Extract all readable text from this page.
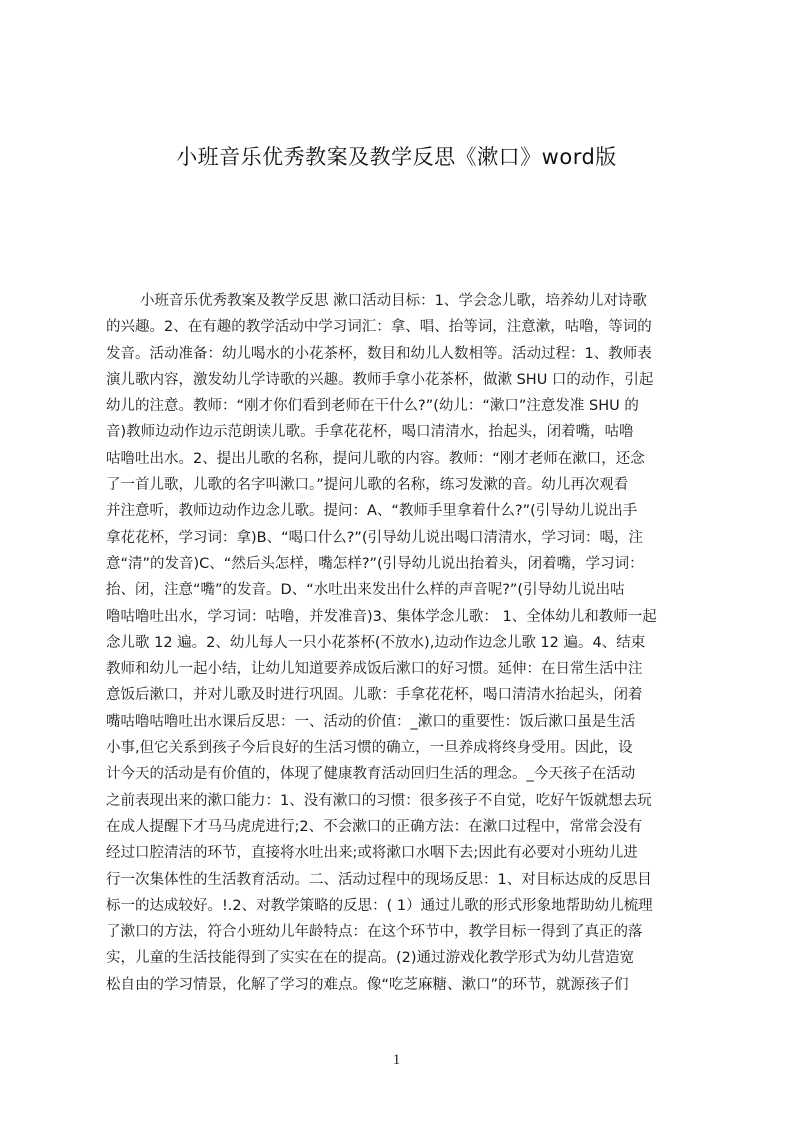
小班音乐优秀教案及教学反思《漱口》word版
小班音乐优秀教案及教学反思 漱口活动目标：1、学会念儿歌，培养幼儿对诗歌
的兴趣。2、在有趣的教学活动中学习词汇：拿、唱、抬等词，注意漱，咕噜，等词的
发音。活动准备：幼儿喝水的小花茶杯，数目和幼儿人数相等。活动过程：1、教师表
演儿歌内容，激发幼儿学诗歌的兴趣。教师手拿小花茶杯，做漱 SHU 口的动作，引起
幼儿的注意。教师：“刚才你们看到老师在干什么?”(幼儿：“漱口”注意发准 SHU 的
音)教师边动作边示范朗读儿歌。手拿花花杯，喝口清清水，抬起头，闭着嘴，咕噜
咕噜吐出水。2、提出儿歌的名称，提问儿歌的内容。教师：“刚才老师在漱口，还念
了一首儿歌，儿歌的名字叫漱口。”提问儿歌的名称，练习发漱的音。幼儿再次观看
并注意听，教师边动作边念儿歌。提问：A、“教师手里拿着什么?”(引导幼儿说出手
拿花花杯，学习词：拿)B、“喝口什么?”(引导幼儿说出喝口清清水，学习词：喝，注
意“清”的发音)C、“然后头怎样，嘴怎样?”(引导幼儿说出抬着头，闭着嘴，学习词：
抬、闭，注意“嘴”的发音。D、“水吐出来发出什么样的声音呢?”(引导幼儿说出咕
噜咕噜吐出水，学习词：咕噜，并发准音)3、集体学念儿歌： 1、全体幼儿和教师一起
念儿歌 12 遍。2、幼儿每人一只小花茶杯(不放水),边动作边念儿歌 12 遍。4、结束
教师和幼儿一起小结，让幼儿知道要养成饭后漱口的好习惯。延伸：在日常生活中注
意饭后漱口，并对儿歌及时进行巩固。儿歌：手拿花花杯，喝口清清水抬起头，闭着
嘴咕噜咕噜吐出水课后反思：一、活动的价值：_漱口的重要性：饭后漱口虽是生活
小事,但它关系到孩子今后良好的生活习惯的确立，一旦养成将终身受用。因此，设
计今天的活动是有价值的，体现了健康教育活动回归生活的理念。_今天孩子在活动
之前表现出来的漱口能力：1、没有漱口的习惯：很多孩子不自觉，吃好午饭就想去玩
在成人提醒下才马马虎虎进行;2、不会漱口的正确方法：在漱口过程中，常常会没有
经过口腔清洁的环节，直接将水吐出来;或将漱口水咽下去;因此有必要对小班幼儿进
行一次集体性的生活教育活动。二、活动过程中的现场反思：1、对目标达成的反思目
标一的达成较好。!.2、对教学策略的反思：( 1）通过儿歌的形式形象地帮助幼儿梳理
了漱口的方法，符合小班幼儿年龄特点：在这个环节中，教学目标一得到了真正的落
实，儿童的生活技能得到了实实在在的提高。(2)通过游戏化教学形式为幼儿营造宽
松自由的学习情景，化解了学习的难点。像“吃芝麻糖、漱口”的环节，就源孩子们
1
